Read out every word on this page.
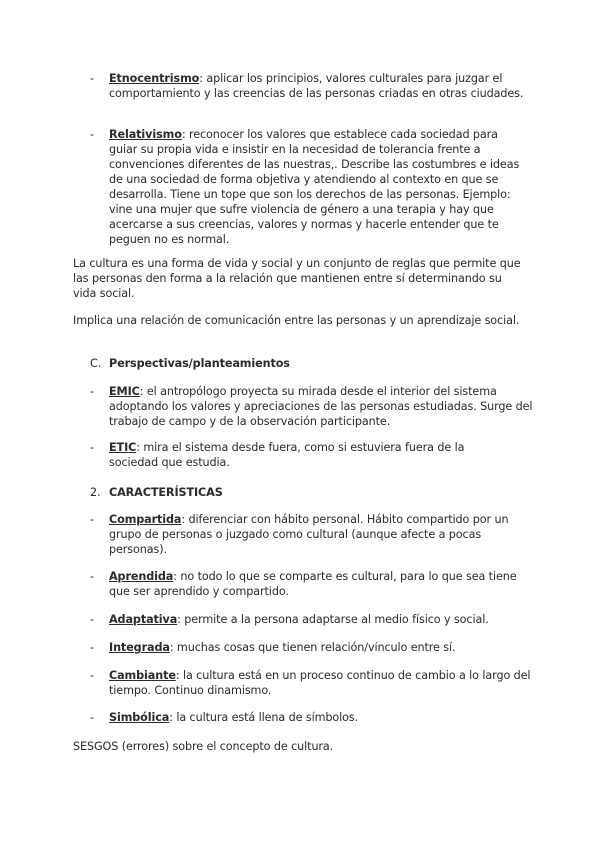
- Etnocentrismo: aplicar los principios, valores culturales para juzgar el comportamiento y las creencias de las personas criadas en otras ciudades.
- Relativismo: reconocer los valores que establece cada sociedad para guiar su propia vida e insistir en la necesidad de tolerancia frente a convenciones diferentes de las nuestras,. Describe las costumbres e ideas de una sociedad de forma objetiva y atendiendo al contexto en que se desarrolla. Tiene un tope que son los derechos de las personas. Ejemplo: vine una mujer que sufre violencia de género a una terapia y hay que acercarse a sus creencias, valores y normas y hacerle entender que te peguen no es normal.

La cultura es una forma de vida y social y un conjunto de reglas que permite que las personas den forma a la relación que mantienen entre sí determinando su vida social.

Implica una relación de comunicación entre las personas y un aprendizaje social.

C. Perspectivas/planteamientos
- EMIC: el antropólogo proyecta su mirada desde el interior del sistema adoptando los valores y apreciaciones de las personas estudiadas. Surge del trabajo de campo y de la observación participante.
- ETIC: mira el sistema desde fuera, como si estuviera fuera de la sociedad que estudia.
2. CARACTERÍSTICAS
- Compartida: diferenciar con hábito personal. Hábito compartido por un grupo de personas o juzgado como cultural (aunque afecte a pocas personas).
- Aprendida: no todo lo que se comparte es cultural, para lo que sea tiene que ser aprendido y compartido.
- Adaptativa: permite a la persona adaptarse al medio físico y social.
- Integrada: muchas cosas que tienen relación/vínculo entre sí.
- Cambiante: la cultura está en un proceso continuo de cambio a lo largo del tiempo. Continuo dinamismo.
- Simbólica: la cultura está llena de símbolos.
SESGOS (errores) sobre el concepto de cultura.
